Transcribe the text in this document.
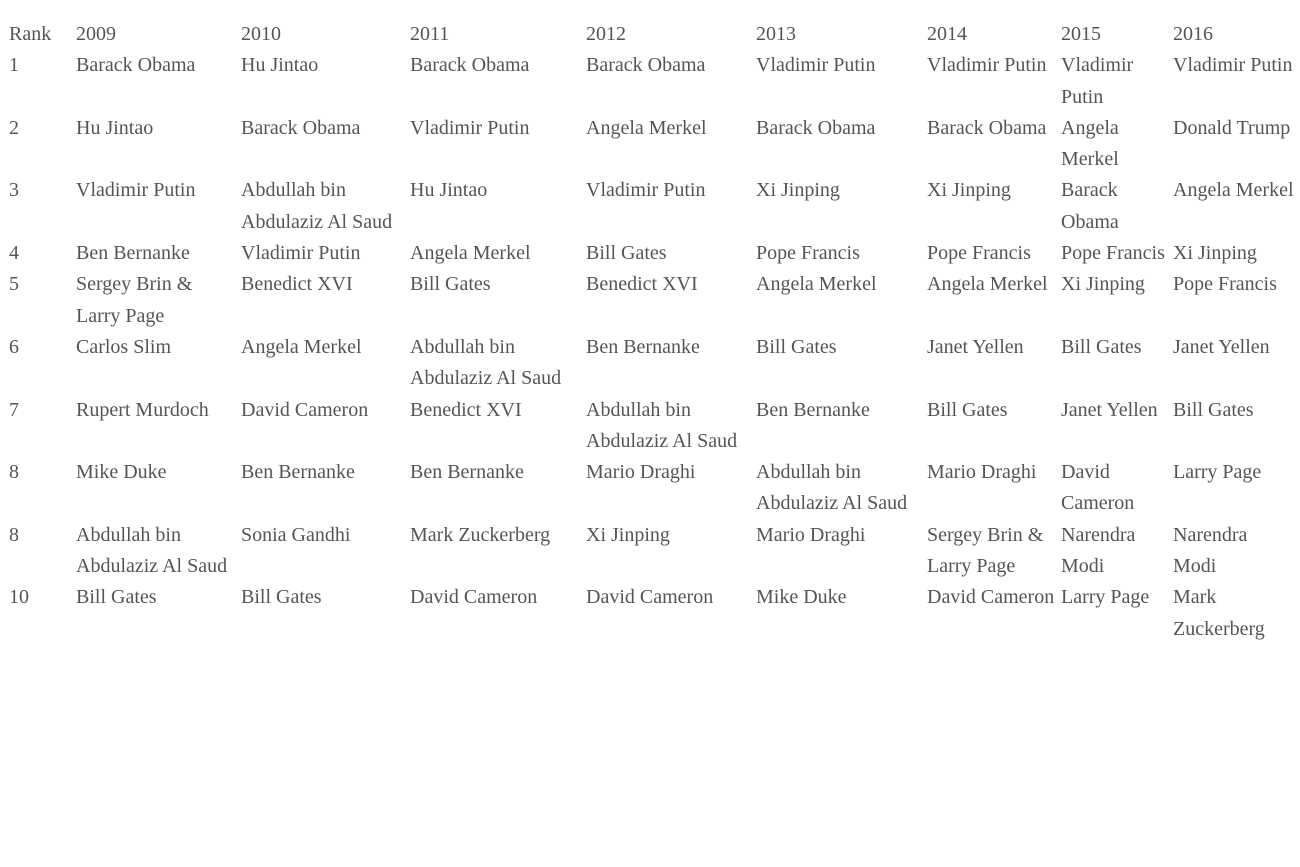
Rank	2009	2010	2011	2012	2013	2014	2015	2016
1	Barack Obama	Hu Jintao	Barack Obama	Barack Obama	Vladimir Putin	Vladimir Putin	Vladimir Putin	Vladimir Putin
2	Hu Jintao	Barack Obama	Vladimir Putin	Angela Merkel	Barack Obama	Barack Obama	Angela Merkel	Donald Trump
3	Vladimir Putin	Abdullah bin Abdulaziz Al Saud	Hu Jintao	Vladimir Putin	Xi Jinping	Xi Jinping	Barack Obama	Angela Merkel
4	Ben Bernanke	Vladimir Putin	Angela Merkel	Bill Gates	Pope Francis	Pope Francis	Pope Francis	Xi Jinping
5	Sergey Brin & Larry Page	Benedict XVI	Bill Gates	Benedict XVI	Angela Merkel	Angela Merkel	Xi Jinping	Pope Francis
6	Carlos Slim	Angela Merkel	Abdullah bin Abdulaziz Al Saud	Ben Bernanke	Bill Gates	Janet Yellen	Bill Gates	Janet Yellen
7	Rupert Murdoch	David Cameron	Benedict XVI	Abdullah bin Abdulaziz Al Saud	Ben Bernanke	Bill Gates	Janet Yellen	Bill Gates
8	Mike Duke	Ben Bernanke	Ben Bernanke	Mario Draghi	Abdullah bin Abdulaziz Al Saud	Mario Draghi	David Cameron	Larry Page
8	Abdullah bin Abdulaziz Al Saud	Sonia Gandhi	Mark Zuckerberg	Xi Jinping	Mario Draghi	Sergey Brin & Larry Page	Narendra Modi	Narendra Modi
10	Bill Gates	Bill Gates	David Cameron	David Cameron	Mike Duke	David Cameron	Larry Page	Mark Zuckerberg
